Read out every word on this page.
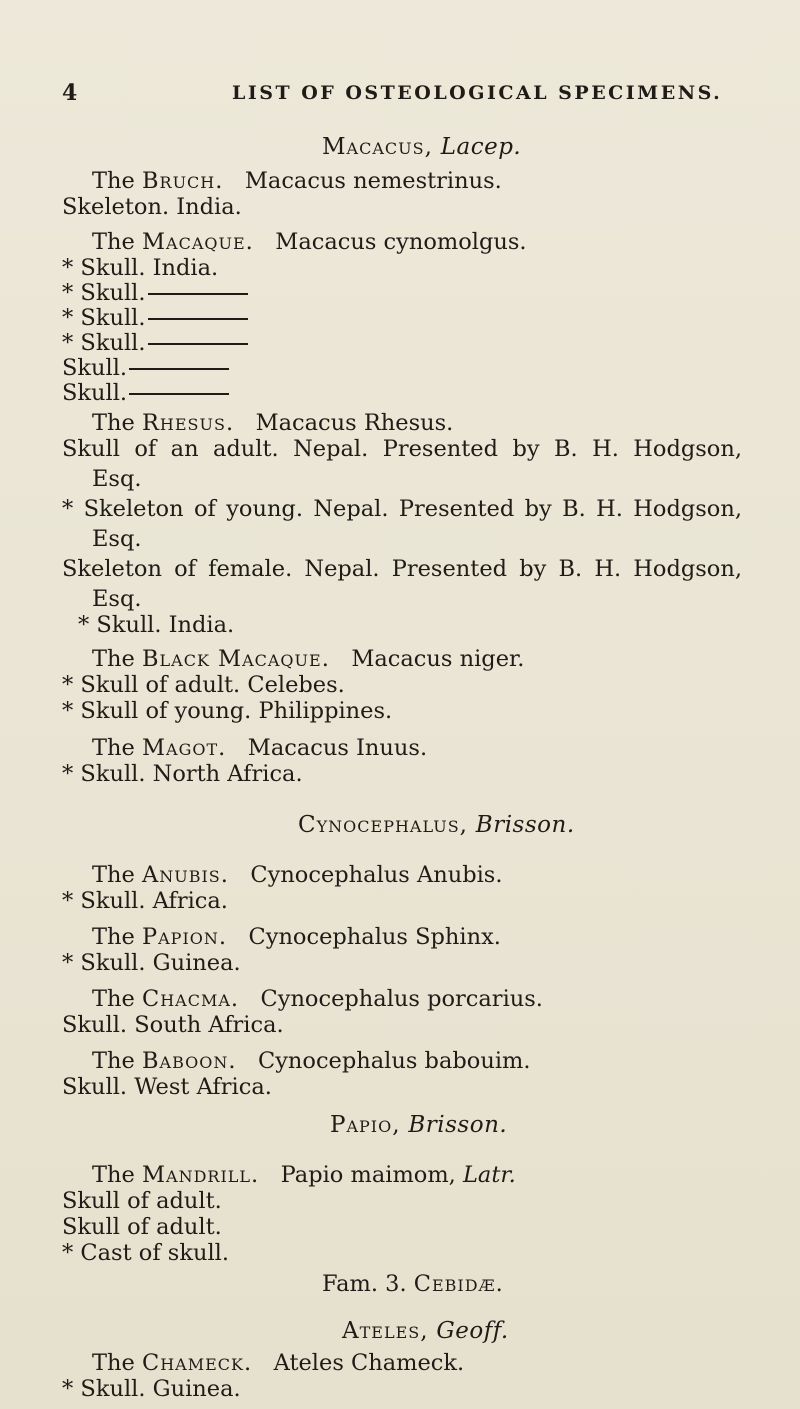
4	LIST OF OSTEOLOGICAL SPECIMENS.
Macacus, Lacep.
The Bruch. Macacus nemestrinus.
Skeleton. India.
The Macaque. Macacus cynomolgus.
* Skull. India.
* Skull.
* Skull.
* Skull.
Skull.
Skull.
The Rhesus. Macacus Rhesus.
Skull of an adult. Nepal. Presented by B. H. Hodgson,
Esq.
* Skeleton of young. Nepal. Presented by B. H. Hodgson,
Esq.
Skeleton of female. Nepal. Presented by B. H. Hodgson,
Esq.
* Skull. India.
The Black Macaque. Macacus niger.
* Skull of adult. Celebes.
* Skull of young. Philippines.
The Magot. Macacus Inuus.
* Skull. North Africa.
Cynocephalus, Brisson.
The Anubis. Cynocephalus Anubis.
* Skull. Africa.
The Papion. Cynocephalus Sphinx.
* Skull. Guinea.
The Chacma. Cynocephalus porcarius.
Skull. South Africa.
The Baboon. Cynocephalus babouim.
Skull. West Africa.
Papio, Brisson.
The Mandrill. Papio maimom, Latr.
Skull of adult.
Skull of adult.
* Cast of skull.
Fam. 3. Cebidæ.
Ateles, Geoff.
The Chameck. Ateles Chameck.
* Skull. Guinea.
